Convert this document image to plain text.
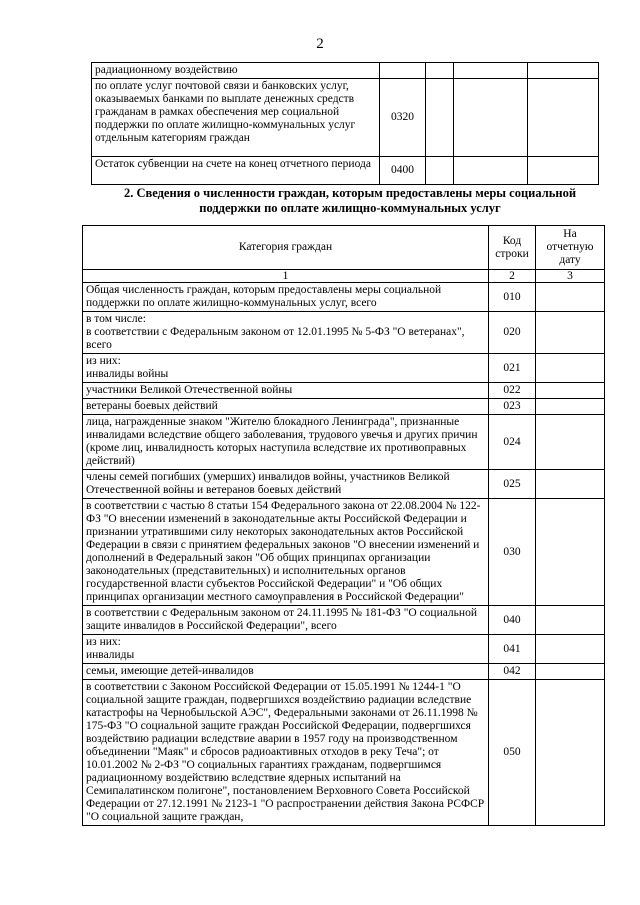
2
радиационному воздействию				
по оплате услуг почтовой связи и банковских услуг, оказываемых банками по выплате денежных средств гражданам в рамках обеспечения мер социальной поддержки по оплате жилищно-коммунальных услуг отдельным категориям граждан	0320			
Остаток субвенции на счете на конец отчетного периода	0400			
2. Сведения о численности граждан, которым предоставлены меры социальной поддержки по оплате жилищно-коммунальных услуг
Категория граждан	Код строки	На отчетную дату
1	2	3
Общая численность граждан, которым предоставлены меры социальной поддержки по оплате жилищно-коммунальных услуг, всего	010	
в том числе:
в соответствии с Федеральным законом от 12.01.1995 № 5-ФЗ "О ветеранах", всего	020	
из них:
инвалиды войны	021	
участники Великой Отечественной войны	022	
ветераны боевых действий	023	
лица, награжденные знаком "Жителю блокадного Ленинграда", признанные инвалидами вследствие общего заболевания, трудового увечья и других причин (кроме лиц, инвалидность которых наступила вследствие их противоправных действий)	024	
члены семей погибших (умерших) инвалидов войны, участников Великой Отечественной войны и ветеранов боевых действий	025	
в соответствии с частью 8 статьи 154 Федерального закона от 22.08.2004 № 122-ФЗ "О внесении изменений в законодательные акты Российской Федерации и признании утратившими силу некоторых законодательных актов Российской Федерации в связи с принятием федеральных законов "О внесении изменений и дополнений в Федеральный закон "Об общих принципах организации законодательных (представительных) и исполнительных органов государственной власти субъектов Российской Федерации" и "Об общих принципах организации местного самоуправления в Российской Федерации"	030	
в соответствии с Федеральным законом от 24.11.1995 № 181-ФЗ "О социальной защите инвалидов в Российской Федерации", всего	040	
из них:
инвалиды	041	
семьи, имеющие детей-инвалидов	042	
в соответствии с Законом Российской Федерации от 15.05.1991 № 1244-1 "О социальной защите граждан, подвергшихся воздействию радиации вследствие катастрофы на Чернобыльской АЭС", Федеральными законами от 26.11.1998 № 175-ФЗ "О социальной защите граждан Российской Федерации, подвергшихся воздействию радиации вследствие аварии в 1957 году на производственном объединении "Маяк" и сбросов радиоактивных отходов в реку Теча"; от 10.01.2002 № 2-ФЗ "О социальных гарантиях гражданам, подвергшимся радиационному воздействию вследствие ядерных испытаний на Семипалатинском полигоне", постановлением Верховного Совета Российской Федерации от 27.12.1991 № 2123-1 "О распространении действия Закона РСФСР "О социальной защите граждан,	050	
